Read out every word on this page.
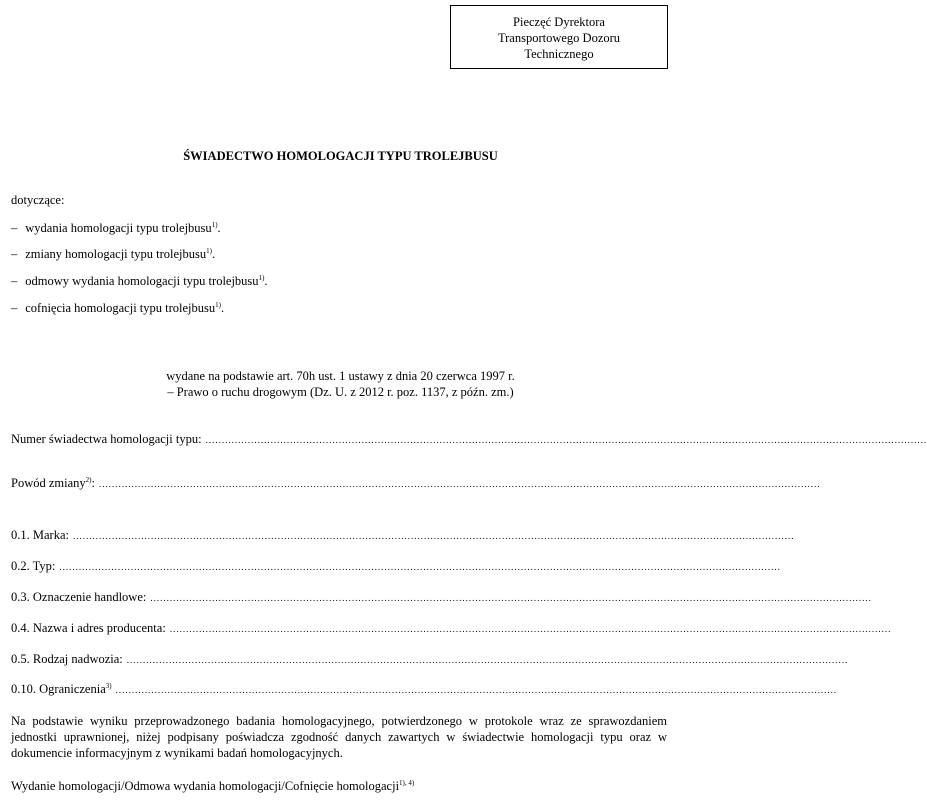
Pieczęć Dyrektora
Transportowego Dozoru
Technicznego
ŚWIADECTWO HOMOLOGACJI TYPU TROLEJBUSU
dotyczące:
– wydania homologacji typu trolejbusu$^{1)}$.
– zmiany homologacji typu trolejbusu$^{1)}$.
– odmowy wydania homologacji typu trolejbusu$^{1)}$.
– cofnięcia homologacji typu trolejbusu$^{1)}$.
wydane na podstawie art. 70h ust. 1 ustawy z dnia 20 czerwca 1997 r.
– Prawo o ruchu drogowym (Dz. U. z 2012 r. poz. 1137, z późn. zm.)
Numer świadectwa homologacji typu: ..............................................................................................................................................................................................................................
Powód zmiany$^{2)}$: ..............................................................................................................................................................................................................................
0.1. Marka: ..............................................................................................................................................................................................................................
0.2. Typ: ..............................................................................................................................................................................................................................
0.3. Oznaczenie handlowe: ..............................................................................................................................................................................................................................
0.4. Nazwa i adres producenta: ..............................................................................................................................................................................................................................
0.5. Rodzaj nadwozia: ..............................................................................................................................................................................................................................
0.10. Ograniczenia$^{3)}$ ..............................................................................................................................................................................................................................
Na podstawie wyniku przeprowadzonego badania homologacyjnego, potwierdzonego w protokole wraz ze sprawozdaniem jednostki uprawnionej, niżej podpisany poświadcza zgodność danych zawartych w świadectwie homologacji typu oraz w dokumencie informacyjnym z wynikami badań homologacyjnych.
Wydanie homologacji/Odmowa wydania homologacji/Cofnięcie homologacji$^{1), 4)}$
